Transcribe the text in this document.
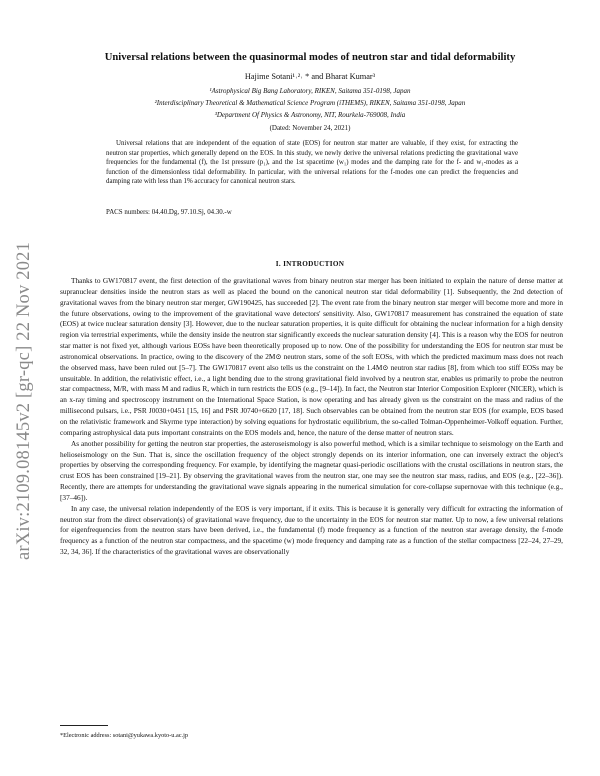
arXiv:2109.08145v2 [gr-qc] 22 Nov 2021
Universal relations between the quasinormal modes of neutron star and tidal deformability
Hajime Sotani¹˒²˒ * and Bharat Kumar³
¹Astrophysical Big Bang Laboratory, RIKEN, Saitama 351-0198, Japan
²Interdisciplinary Theoretical & Mathematical Science Program (iTHEMS), RIKEN, Saitama 351-0198, Japan
³Department Of Physics & Astronomy, NIT, Rourkela-769008, India
(Dated: November 24, 2021)

Universal relations that are independent of the equation of state (EOS) for neutron star matter are valuable, if they exist, for extracting the neutron star properties, which generally depend on the EOS. In this study, we newly derive the universal relations predicting the gravitational wave frequencies for the fundamental (f), the 1st pressure (p₁), and the 1st spacetime (w₁) modes and the damping rate for the f- and w₁-modes as a function of the dimensionless tidal deformability. In particular, with the universal relations for the f-modes one can predict the frequencies and damping rate with less than 1% accuracy for canonical neutron stars.

PACS numbers: 04.40.Dg, 97.10.Sj, 04.30.-w

I. INTRODUCTION

Thanks to GW170817 event, the first detection of the gravitational waves from binary neutron star merger has been initiated to explain the nature of dense matter at supranuclear densities inside the neutron stars as well as placed the bound on the canonical neutron star tidal deformability [1]. Subsequently, the 2nd detection of gravitational waves from the binary neutron star merger, GW190425, has succeeded [2]. The event rate from the binary neutron star merger will become more and more in the future observations, owing to the improvement of the gravitational wave detectors' sensitivity. Also, GW170817 measurement has constrained the equation of state (EOS) at twice nuclear saturation density [3]. However, due to the nuclear saturation properties, it is quite difficult for obtaining the nuclear information for a high density region via terrestrial experiments, while the density inside the neutron star significantly exceeds the nuclear saturation density [4]. This is a reason why the EOS for neutron star matter is not fixed yet, although various EOSs have been theoretically proposed up to now. One of the possibility for understanding the EOS for neutron star must be astronomical observations. In practice, owing to the discovery of the 2M⊙ neutron stars, some of the soft EOSs, with which the predicted maximum mass does not reach the observed mass, have been ruled out [5–7]. The GW170817 event also tells us the constraint on the 1.4M⊙ neutron star radius [8], from which too stiff EOSs may be unsuitable. In addition, the relativistic effect, i.e., a light bending due to the strong gravitational field involved by a neutron star, enables us primarily to probe the neutron star compactness, M/R, with mass M and radius R, which in turn restricts the EOS (e.g., [9–14]). In fact, the Neutron star Interior Composition Explorer (NICER), which is an x-ray timing and spectroscopy instrument on the International Space Station, is now operating and has already given us the constraint on the mass and radius of the millisecond pulsars, i.e., PSR J0030+0451 [15, 16] and PSR J0740+6620 [17, 18]. Such observables can be obtained from the neutron star EOS (for example, EOS based on the relativistic framework and Skyrme type interaction) by solving equations for hydrostatic equilibrium, the so-called Tolman-Oppenheimer-Volkoff equation. Further, comparing astrophysical data puts important constraints on the EOS models and, hence, the nature of the dense matter of neutron stars.

As another possibility for getting the neutron star properties, the asteroseismology is also powerful method, which is a similar technique to seismology on the Earth and helioseismology on the Sun. That is, since the oscillation frequency of the object strongly depends on its interior information, one can inversely extract the object's properties by observing the corresponding frequency. For example, by identifying the magnetar quasi-periodic oscillations with the crustal oscillations in neutron stars, the crust EOS has been constrained [19–21]. By observing the gravitational waves from the neutron star, one may see the neutron star mass, radius, and EOS (e.g., [22–36]). Recently, there are attempts for understanding the gravitational wave signals appearing in the numerical simulation for core-collapse supernovae with this technique (e.g., [37–46]).

In any case, the universal relation independently of the EOS is very important, if it exits. This is because it is generally very difficult for extracting the information of neutron star from the direct observation(s) of gravitational wave frequency, due to the uncertainty in the EOS for neutron star matter. Up to now, a few universal relations for eigenfrequencies from the neutron stars have been derived, i.e., the fundamental (f) mode frequency as a function of the neutron star average density, the f-mode frequency as a function of the neutron star compactness, and the spacetime (w) mode frequency and damping rate as a function of the stellar compactness [22–24, 27–29, 32, 34, 36]. If the characteristics of the gravitational waves are observationally

*Electronic address: sotani@yukawa.kyoto-u.ac.jp
